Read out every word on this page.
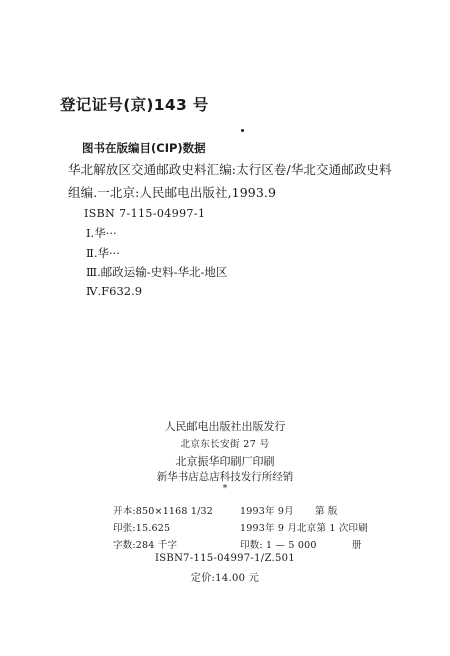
登记证号(京)143 号
图书在版编目(CIP)数据
华北解放区交通邮政史料汇编:太行区卷/华北交通邮政史料
组编.一北京:人民邮电出版社,1993.9
ISBN 7-115-04997-1
Ⅰ.华···
Ⅱ.华···
Ⅲ.邮政运输-史料-华北-地区
Ⅳ.F632.9
人民邮电出版社出版发行
北京东长安街 27 号
北京振华印刷厂印刷
新华书店总店科技发行所经销
*
开本:850×1168 1/32	1993年 9月 第 版
印张:15.625	1993年 9 月北京第 1 次印刷
字数:284 千字	印数: 1 — 5 000	册
ISBN7-115-04997-1/Z.501
定价:14.00 元
